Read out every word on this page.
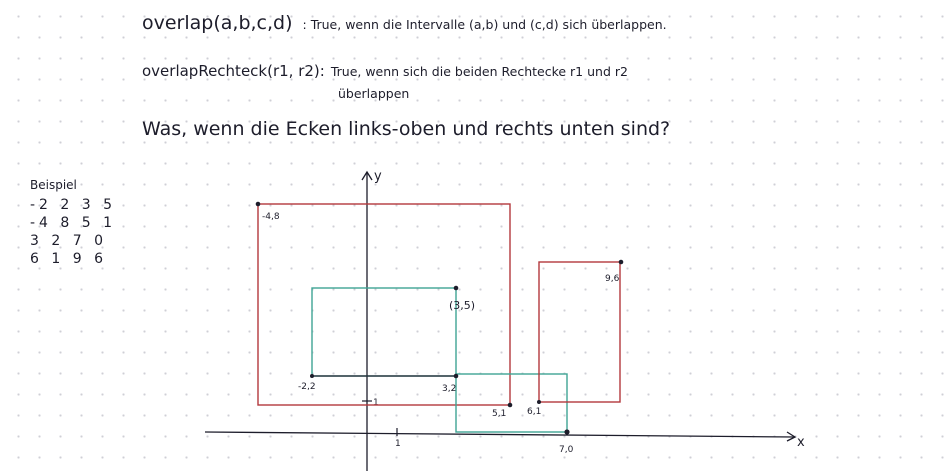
overlap(a,b,c,d) : True, wenn die Intervalle (a,b) und (c,d) sich überlappen.
overlapRechteck(r1, r2): True, wenn sich die beiden Rechtecke r1 und r2
überlappen
Was, wenn die Ecken links-oben und rechts unten sind?
Beispiel
-2 2 3 5
-4 8 5 1
3 2 7 0
6 1 9 6
x
y
1
1
-4,8
5,1
-2,2
(3,5)
3,2
7,0
6,1
9,6
